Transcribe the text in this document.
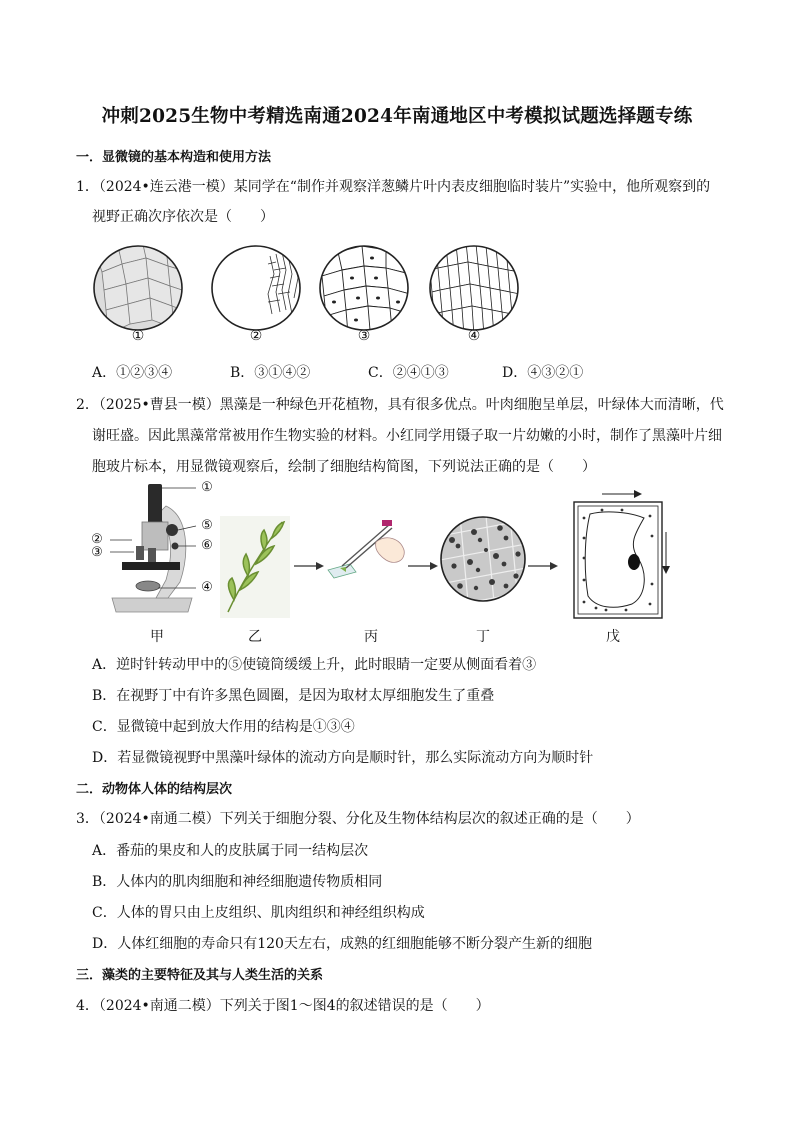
冲刺2025生物中考精选南通2024年南通地区中考模拟试题选择题专练
一．显微镜的基本构造和使用方法
1．（2024•连云港一模）某同学在“制作并观察洋葱鳞片叶内表皮细胞临时装片”实验中，他所观察到的
视野正确次序依次是（　　）
①	②	③	④
A．①②③④	B．③①④②	C．②④①③	D．④③②①
2．（2025•曹县一模）黑藻是一种绿色开花植物，具有很多优点。叶肉细胞呈单层，叶绿体大而清晰，代
谢旺盛。因此黑藻常常被用作生物实验的材料。小红同学用镊子取一片幼嫩的小时，制作了黑藻叶片细
胞玻片标本，用显微镜观察后，绘制了细胞结构简图，下列说法正确的是（　　）
①
②
③
④
⑤
⑥
甲	乙	丙	丁	戊
A．逆时针转动甲中的⑤使镜筒缓缓上升，此时眼睛一定要从侧面看着③
B．在视野丁中有许多黑色圆圈，是因为取材太厚细胞发生了重叠
C．显微镜中起到放大作用的结构是①③④
D．若显微镜视野中黑藻叶绿体的流动方向是顺时针，那么实际流动方向为顺时针
二．动物体人体的结构层次
3．（2024•南通二模）下列关于细胞分裂、分化及生物体结构层次的叙述正确的是（　　）
A．番茄的果皮和人的皮肤属于同一结构层次
B．人体内的肌肉细胞和神经细胞遗传物质相同
C．人体的胃只由上皮组织、肌肉组织和神经组织构成
D．人体红细胞的寿命只有120天左右，成熟的红细胞能够不断分裂产生新的细胞
三．藻类的主要特征及其与人类生活的关系
4．（2024•南通二模）下列关于图1～图4的叙述错误的是（　　）
